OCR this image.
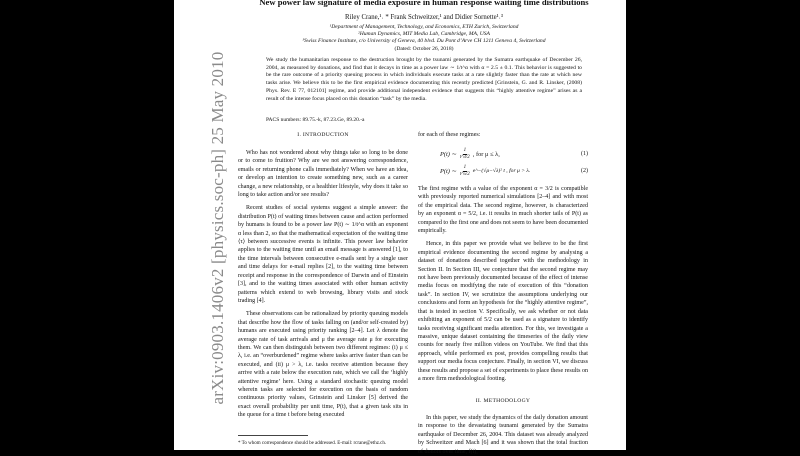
New power law signature of media exposure in human response waiting time distributions
Riley Crane,¹˒ * Frank Schweitzer,¹ and Didier Sornette¹˒³
¹Department of Management, Technology, and Economics, ETH Zurich, Switzerland
²Human Dynamics, MIT Media Lab, Cambridge, MA, USA
³Swiss Finance Institute, c/o University of Geneva, 40 blvd. Du Pont d’Arve CH 1211 Geneva 4, Switzerland
(Dated: October 26, 2018)
We study the humanitarian response to the destruction brought by the tsunami generated by the Sumatra earthquake of December 26, 2004, as measured by donations, and find that it decays in time as a power law ∼ 1/t^α with α = 2.5 ± 0.1. This behavior is suggested to be the rare outcome of a priority queuing process in which individuals execute tasks at a rate slightly faster than the rate at which new tasks arise. We believe this to be the first empirical evidence documenting this recently predicted [Grinstein, G. and R. Linsker, (2008) Phys. Rev. E 77, 012101] regime, and provide additional independent evidence that suggests this “highly attentive regime” arises as a result of the intense focus placed on this donation “task” by the media.
PACS numbers: 89.75.-k, 87.23.Ge, 89.20.-a
I. INTRODUCTION

Who has not wondered about why things take so long to be done or to come to fruition? Why are we not answering correspondence, emails or returning phone calls immediately? When we have an idea, or develop an intention to create something new, such as a career change, a new relationship, or a healthier lifestyle, why does it take so long to take action and/or see results?

Recent studies of social systems suggest a simple answer: the distribution P(t) of waiting times between cause and action performed by humans is found to be a power law P(t) ∼ 1/t^α with an exponent α less than 2, so that the mathematical expectation of the waiting time ⟨τ⟩ between successive events is infinite. This power law behavior applies to the waiting time until an email message is answered [1], to the time intervals between consecutive e-mails sent by a single user and time delays for e-mail replies [2], to the waiting time between receipt and response in the correspondence of Darwin and of Einstein [3], and to the waiting times associated with other human activity patterns which extend to web browsing, library visits and stock trading [4].

These observations can be rationalized by priority queuing models that describe how the flow of tasks falling on (and/or self-created by) humans are executed using priority ranking [2–4]. Let λ denote the average rate of task arrivals and μ the average rate μ for executing them. We can then distinguish between two different regimes: (i) μ ≤ λ, i.e. an “overburdened” regime where tasks arrive faster than can be executed, and (ii) μ > λ, i.e. tasks receive attention because they arrive with a rate below the execution rate, which we call the ‘highly attentive regime’ here. Using a standard stochastic queuing model wherein tasks are selected for execution on the basis of random continuous priority values, Grinstein and Linsker [5] derived the exact overall probability per unit time, P(t), that a given task sits in the queue for a time t before being executed

for each of these regimes:
P(t) ∼
1
t^3/2 , for μ ≤ λ,	(1)
P(t) ∼
1
t^5/2 e^−(√μ−√λ)² t , for μ > λ.	(2)

The first regime with a value of the exponent α = 3/2 is compatible with previously reported numerical simulations [2–4] and with most of the empirical data. The second regime, however, is characterized by an exponent α = 5/2, i.e. it results in much shorter tails of P(t) as compared to the first one and does not seem to have been documented empirically.

Hence, in this paper we provide what we believe to be the first empirical evidence documenting the second regime by analysing a dataset of donations described together with the methodology in Section II. In Section III, we conjecture that the second regime may not have been previously documented because of the effect of intense media focus on modifying the rate of execution of this “donation task”. In section IV, we scrutinize the assumptions underlying our conclusions and form an hypothesis for the “highly attentive regime”, that is tested in section V. Specifically, we ask whether or not data exhibiting an exponent of 5/2 can be used as a signature to identify tasks receiving significant media attention. For this, we investigate a massive, unique dataset containing the timeseries of the daily view counts for nearly five million videos on YouTube. We find that this approach, while performed ex post, provides compelling results that support our media focus conjecture. Finally, in section VI, we discuss these results and propose a set of experiments to place these results on a more firm methodological footing.

II. METHODOLOGY

In this paper, we study the dynamics of the daily donation amount in response to the devastating tsunami generated by the Sumatra earthquake of December 26, 2004. This dataset was already analyzed by Schweitzer and Mach [6] and it was shown that the total fraction of donors over time, f(t),

* To whom correspondence should be addressed. E-mail: rcrane@ethz.ch.
arXiv:0903.1406v2 [physics.soc-ph] 25 May 2010
